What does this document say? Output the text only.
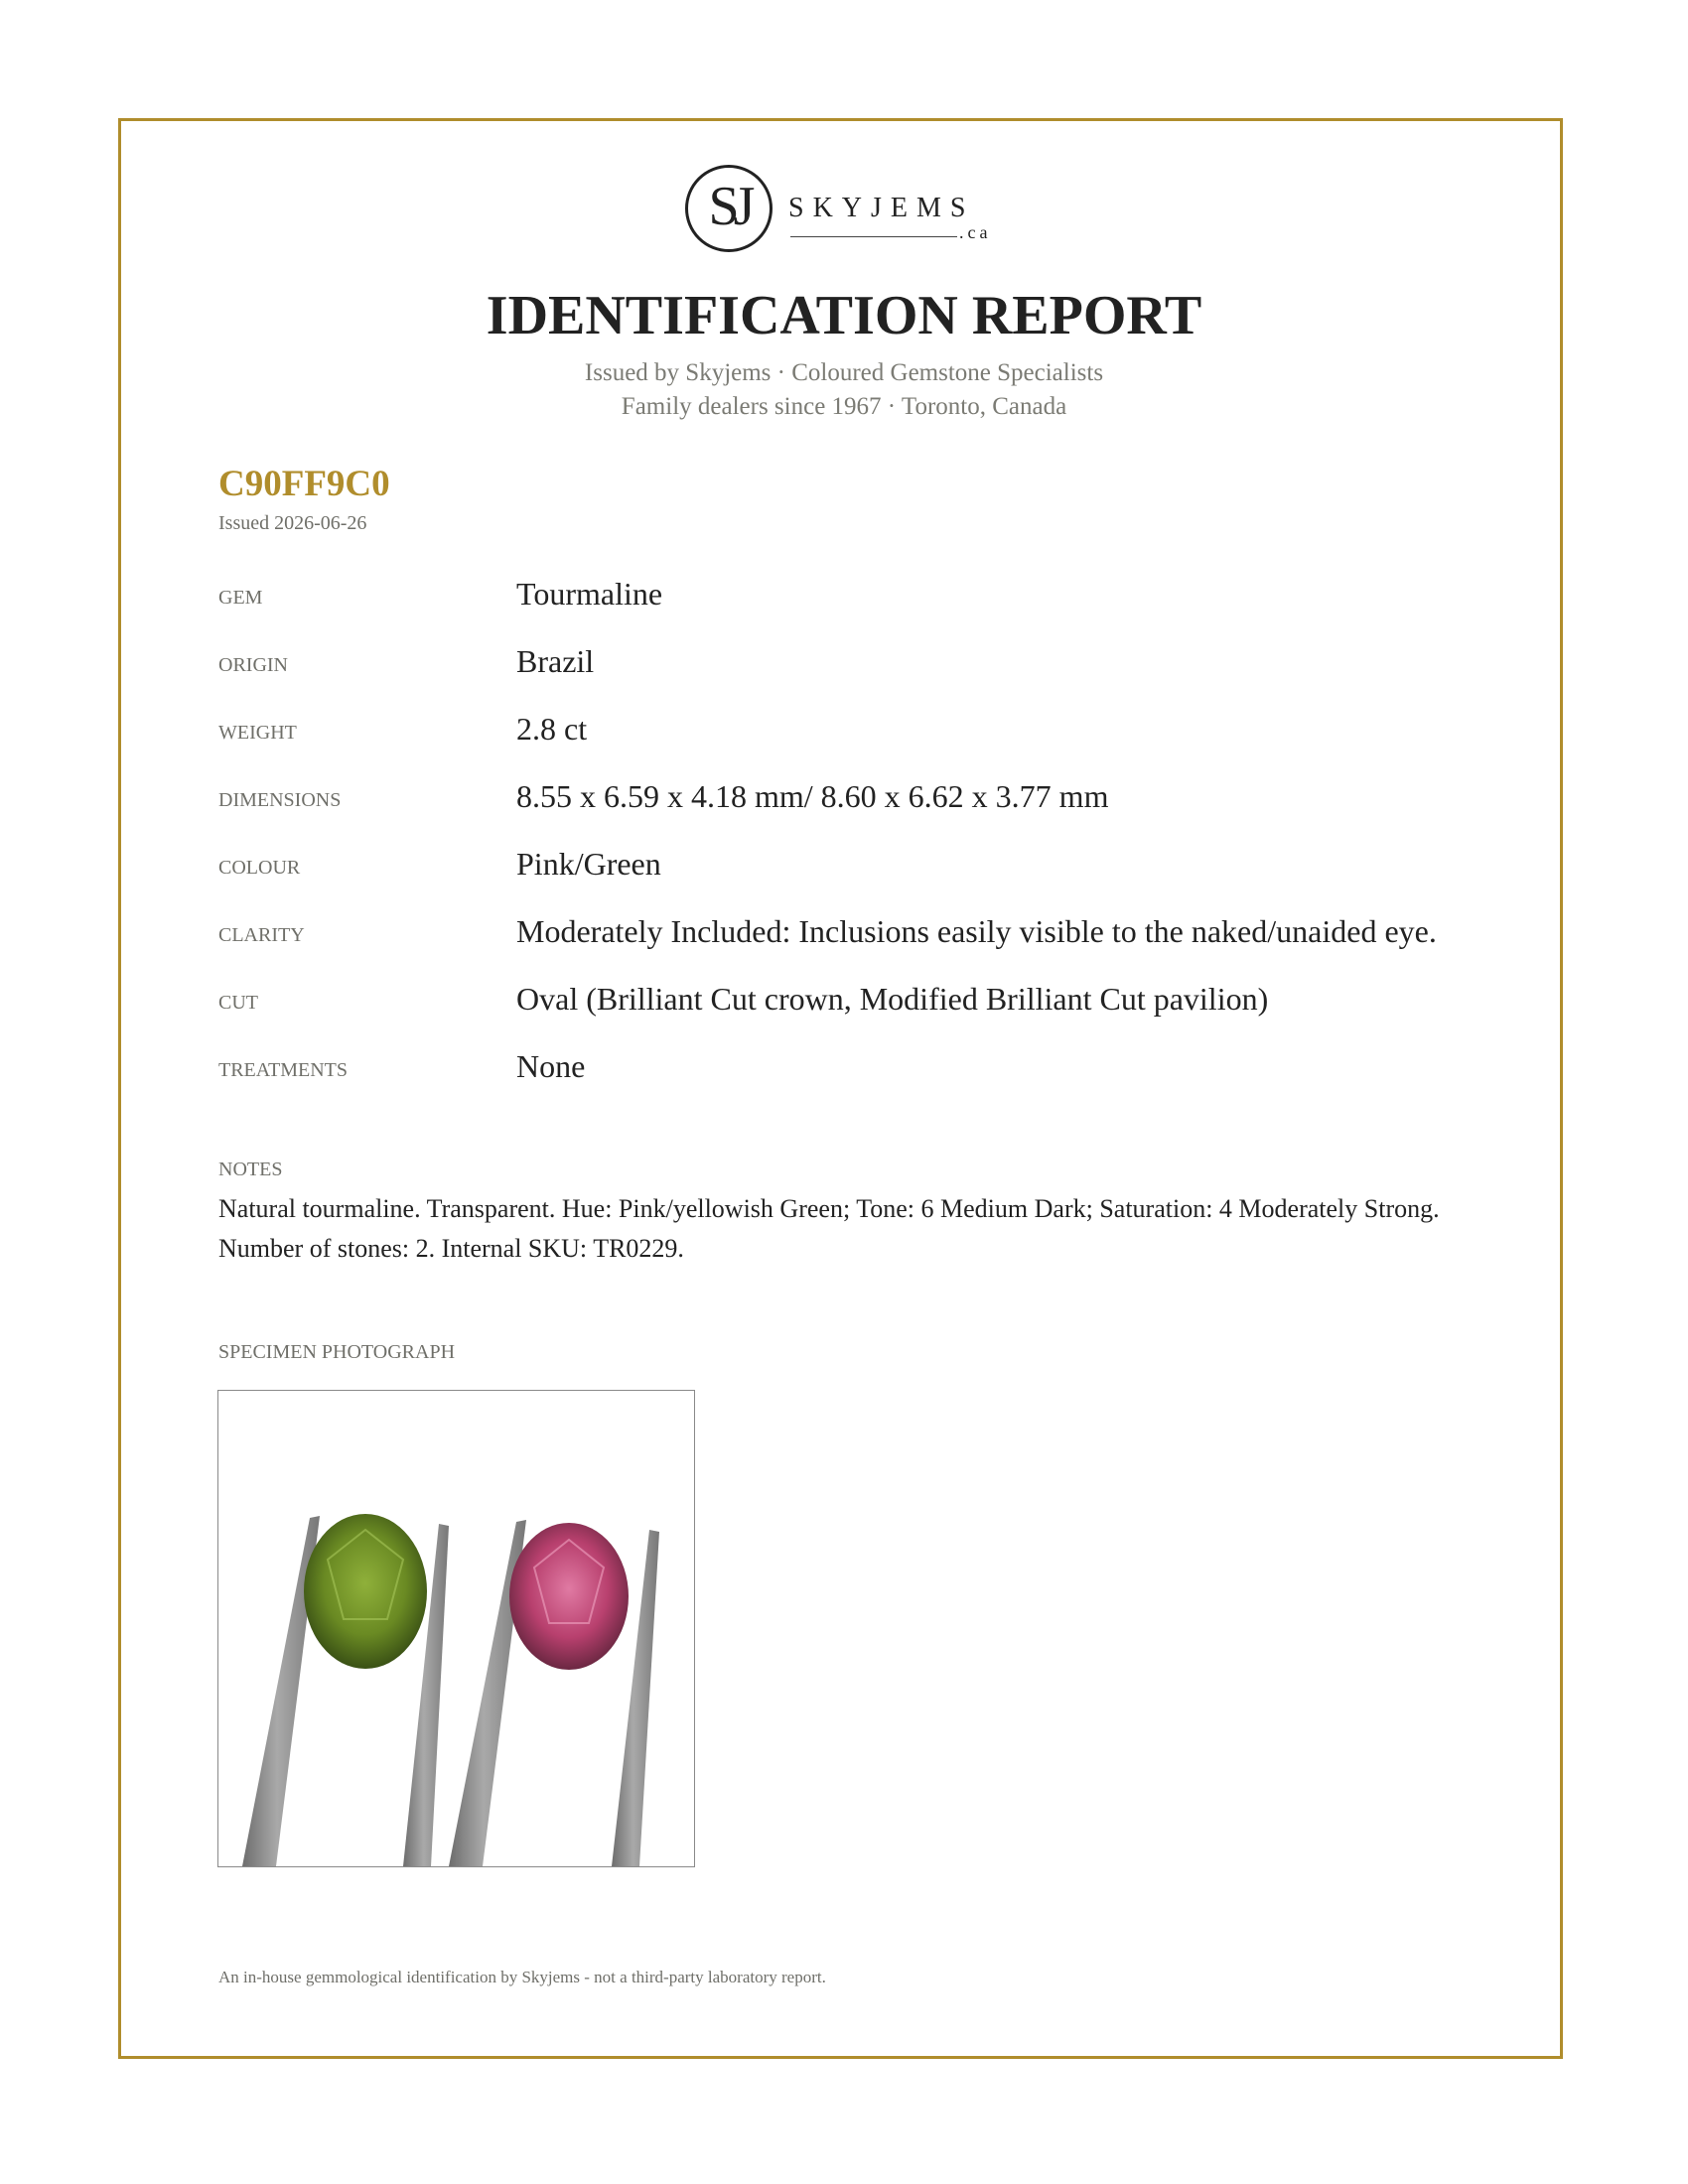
SJ	SKYJEMS
.ca
IDENTIFICATION REPORT
Issued by Skyjems · Coloured Gemstone Specialists
Family dealers since 1967 · Toronto, Canada
C90FF9C0
Issued 2026-06-26
GEM	Tourmaline
ORIGIN	Brazil
WEIGHT	2.8 ct
DIMENSIONS	8.55 x 6.59 x 4.18 mm/ 8.60 x 6.62 x 3.77 mm
COLOUR	Pink/Green
CLARITY	Moderately Included: Inclusions easily visible to the naked/unaided eye.
CUT	Oval (Brilliant Cut crown, Modified Brilliant Cut pavilion)
TREATMENTS	None
NOTES
Natural tourmaline. Transparent. Hue: Pink/yellowish Green; Tone: 6 Medium Dark; Saturation: 4 Moderately Strong. Number of stones: 2. Internal SKU: TR0229.
SPECIMEN PHOTOGRAPH
An in-house gemmological identification by Skyjems - not a third-party laboratory report.
